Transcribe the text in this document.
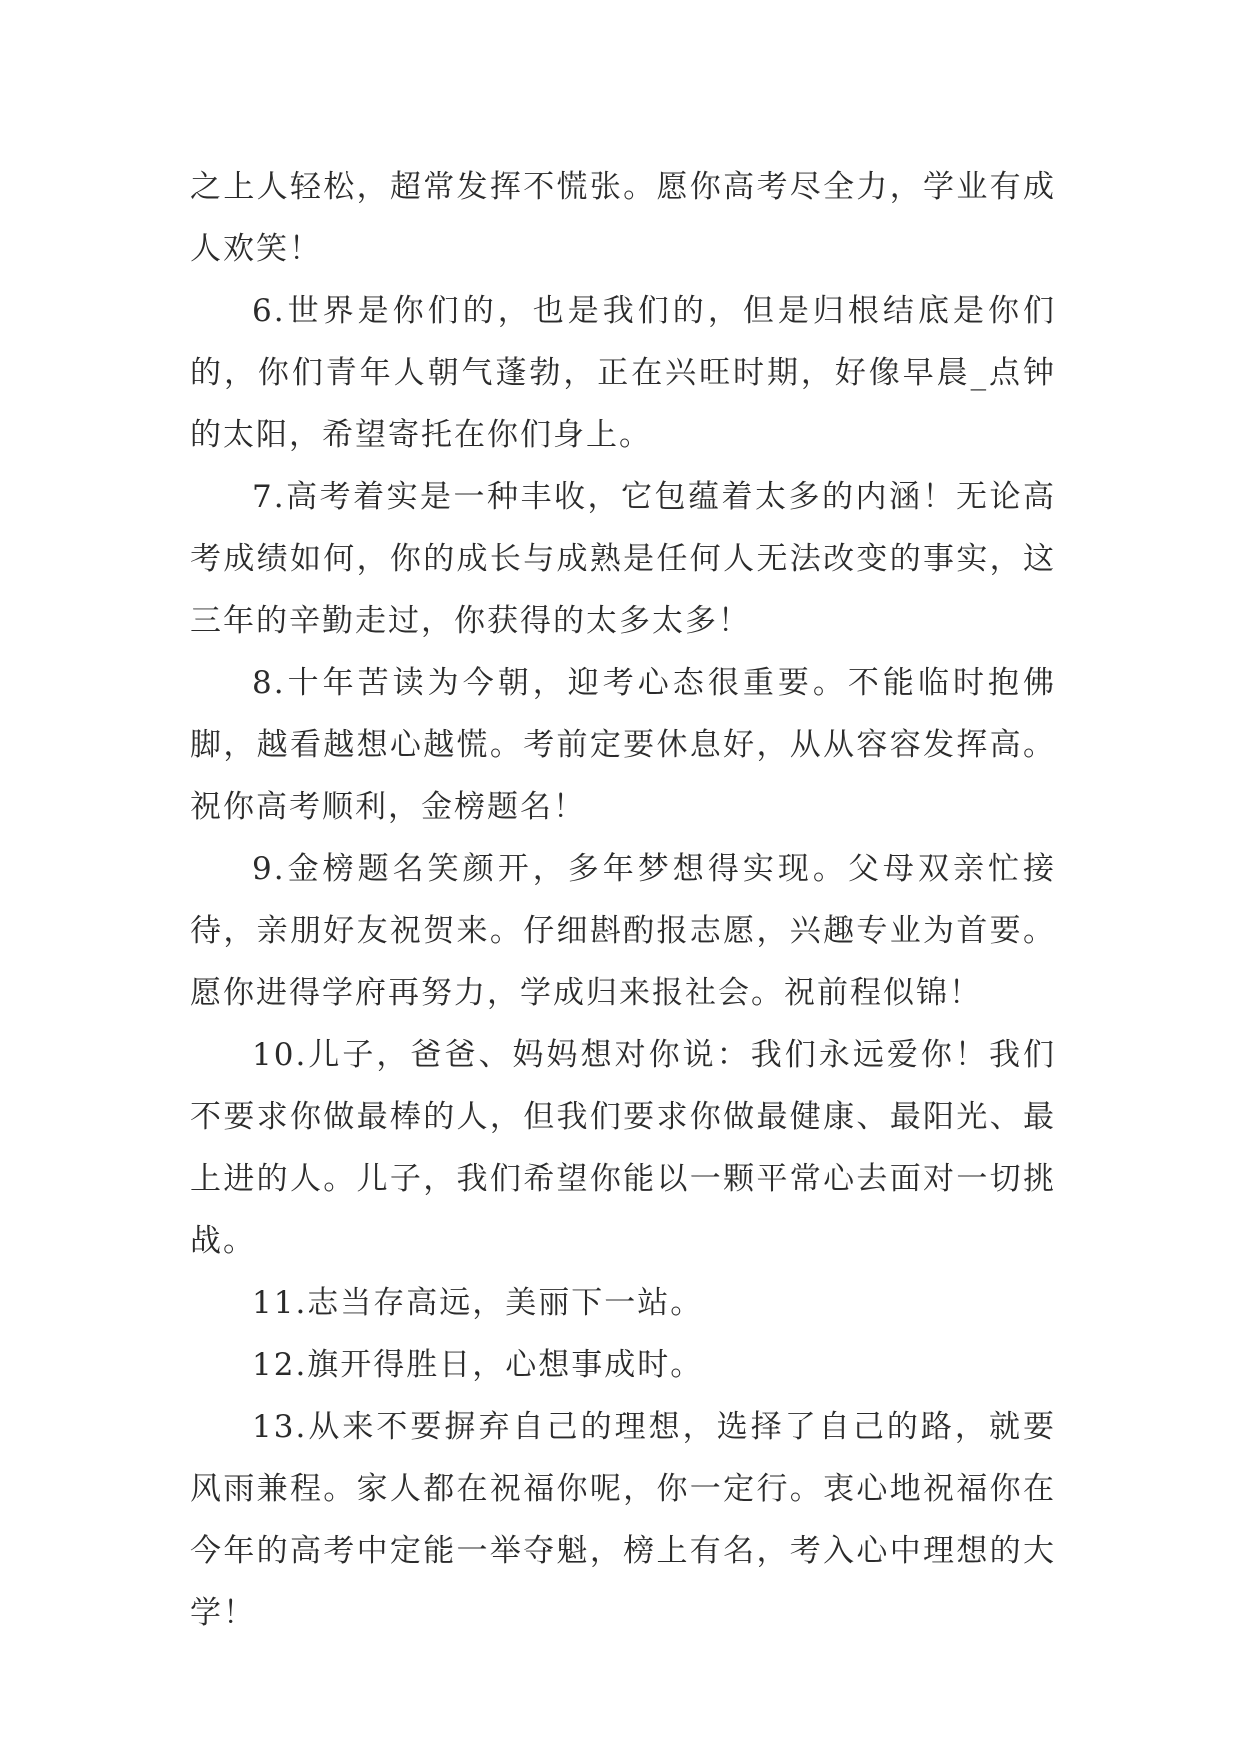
之上人轻松，超常发挥不慌张。愿你高考尽全力，学业有成人欢笑！

6.世界是你们的，也是我们的，但是归根结底是你们的，你们青年人朝气蓬勃，正在兴旺时期，好像早晨_点钟的太阳，希望寄托在你们身上。

7.高考着实是一种丰收，它包蕴着太多的内涵！无论高考成绩如何，你的成长与成熟是任何人无法改变的事实，这三年的辛勤走过，你获得的太多太多！

8.十年苦读为今朝，迎考心态很重要。不能临时抱佛脚，越看越想心越慌。考前定要休息好，从从容容发挥高。祝你高考顺利，金榜题名！

9.金榜题名笑颜开，多年梦想得实现。父母双亲忙接待，亲朋好友祝贺来。仔细斟酌报志愿，兴趣专业为首要。愿你进得学府再努力，学成归来报社会。祝前程似锦！

10.儿子，爸爸、妈妈想对你说：我们永远爱你！我们不要求你做最棒的人，但我们要求你做最健康、最阳光、最上进的人。儿子，我们希望你能以一颗平常心去面对一切挑战。

11.志当存高远，美丽下一站。

12.旗开得胜日，心想事成时。

13.从来不要摒弃自己的理想，选择了自己的路，就要风雨兼程。家人都在祝福你呢，你一定行。衷心地祝福你在今年的高考中定能一举夺魁，榜上有名，考入心中理想的大学！
